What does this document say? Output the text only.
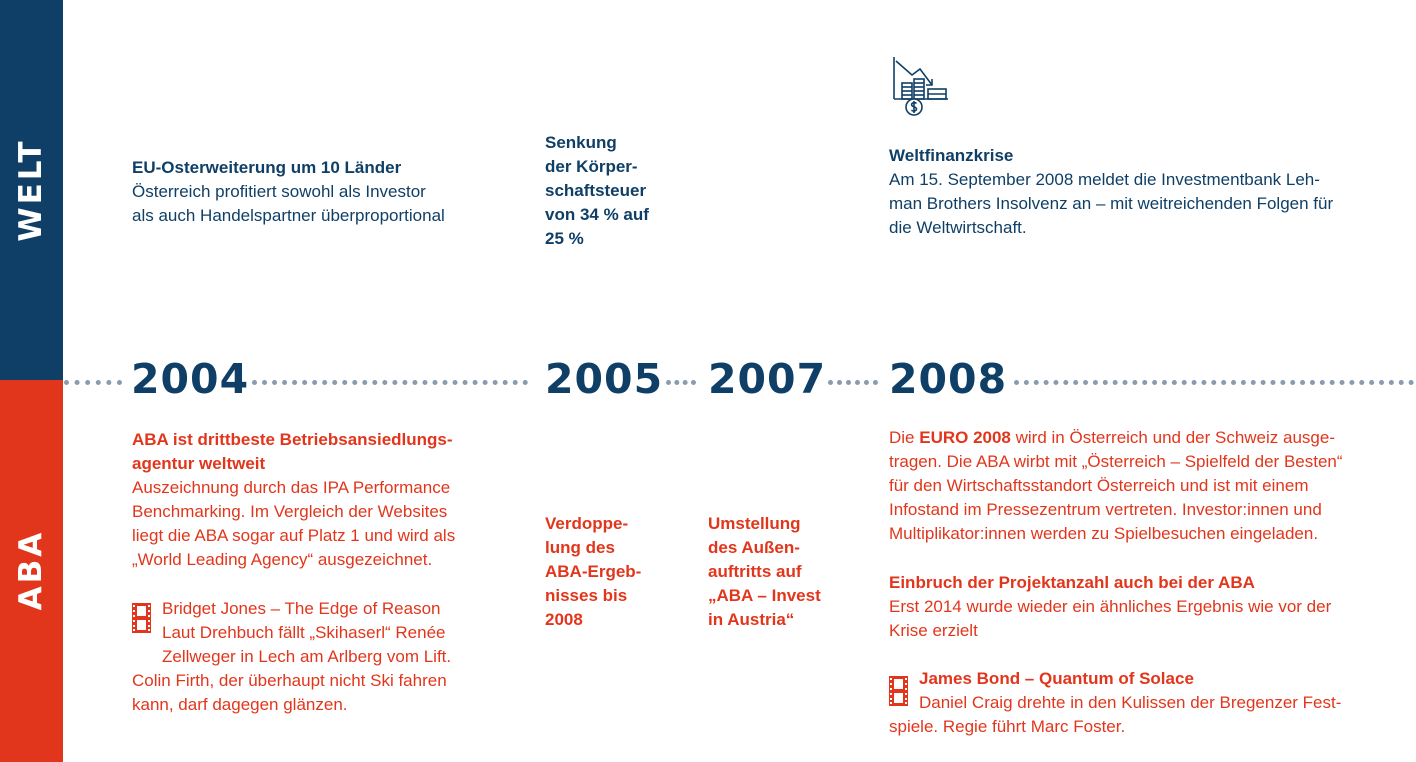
WELT
ABA
2004	2005 2007 2008
EU-Osterweiterung um 10 Länder
Österreich profitiert sowohl als Investor
als auch Handelspartner überproportional
Senkung
der Körper-
schaftsteuer
von 34 % auf
25 %
Weltfinanzkrise
Am 15. September 2008 meldet die Investmentbank Leh-
man Brothers Insolvenz an – mit weitreichenden Folgen für
die Weltwirtschaft.
ABA ist drittbeste Betriebsansiedlungs-
agentur weltweit
Auszeichnung durch das IPA Performance
Benchmarking. Im Vergleich der Websites
liegt die ABA sogar auf Platz 1 und wird als
„World Leading Agency“ ausgezeichnet.
Bridget Jones – The Edge of Reason
Laut Drehbuch fällt „Skihaserl“ Renée
Zellweger in Lech am Arlberg vom Lift.
Colin Firth, der überhaupt nicht Ski fahren
kann, darf dagegen glänzen.
Verdoppe-
lung des
ABA-Ergeb-
nisses bis
2008
Umstellung
des Außen-
auftritts auf
„ABA – Invest
in Austria“
Die EURO 2008 wird in Österreich und der Schweiz ausge-
tragen. Die ABA wirbt mit „Österreich – Spielfeld der Besten“
für den Wirtschaftsstandort Österreich und ist mit einem
Infostand im Pressezentrum vertreten. Investor:innen und
Multiplikator:innen werden zu Spielbesuchen eingeladen.
Einbruch der Projektanzahl auch bei der ABA
Erst 2014 wurde wieder ein ähnliches Ergebnis wie vor der
Krise erzielt
James Bond – Quantum of Solace
Daniel Craig drehte in den Kulissen der Bregenzer Fest-
spiele. Regie führt Marc Foster.
